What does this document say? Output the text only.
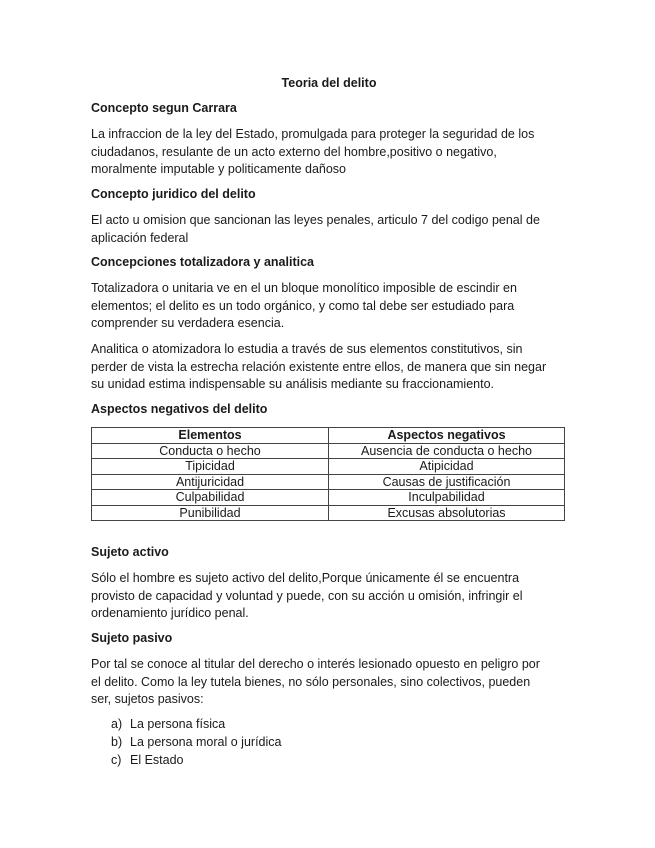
Teoria del delito
Concepto segun Carrara
La infraccion de la ley del Estado, promulgada para proteger la seguridad de los
ciudadanos, resulante de un acto externo del hombre,positivo o negativo,
moralmente imputable y politicamente dañoso
Concepto juridico del delito
El acto u omision que sancionan las leyes penales, articulo 7 del codigo penal de
aplicación federal
Concepciones totalizadora y analitica
Totalizadora o unitaria ve en el un bloque monolítico imposible de escindir en
elementos; el delito es un todo orgánico, y como tal debe ser estudiado para
comprender su verdadera esencia.
Analitica o atomizadora lo estudia a través de sus elementos constitutivos, sin
perder de vista la estrecha relación existente entre ellos, de manera que sin negar
su unidad estima indispensable su análisis mediante su fraccionamiento.
Aspectos negativos del delito
Elementos	Aspectos negativos
Conducta o hecho	Ausencia de conducta o hecho
Tipicidad	Atipicidad
Antijuricidad	Causas de justificación
Culpabilidad	Inculpabilidad
Punibilidad	Excusas absolutorias
Sujeto activo
Sólo el hombre es sujeto activo del delito,Porque únicamente él se encuentra
provisto de capacidad y voluntad y puede, con su acción u omisión, infringir el
ordenamiento jurídico penal.
Sujeto pasivo
Por tal se conoce al titular del derecho o interés lesionado opuesto en peligro por
el delito. Como la ley tutela bienes, no sólo personales, sino colectivos, pueden
ser, sujetos pasivos:
a) La persona física
b) La persona moral o jurídica
c) El Estado
